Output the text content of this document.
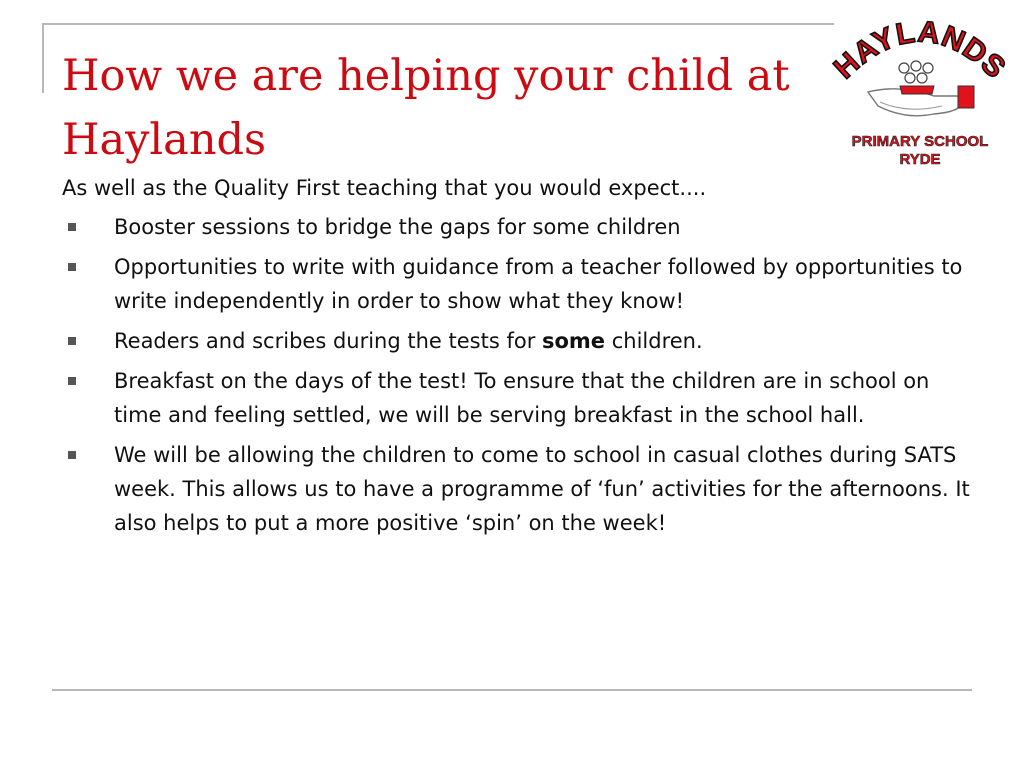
How we are helping your child at Haylands
HAYLANDS
PRIMARY SCHOOL
RYDE

As well as the Quality First teaching that you would expect....

Booster sessions to bridge the gaps for some children
Opportunities to write with guidance from a teacher followed by opportunities to write independently in order to show what they know!
Readers and scribes during the tests for some children.
Breakfast on the days of the test! To ensure that the children are in school on time and feeling settled, we will be serving breakfast in the school hall.
We will be allowing the children to come to school in casual clothes during SATS week. This allows us to have a programme of ‘fun’ activities for the afternoons. It also helps to put a more positive ‘spin’ on the week!
